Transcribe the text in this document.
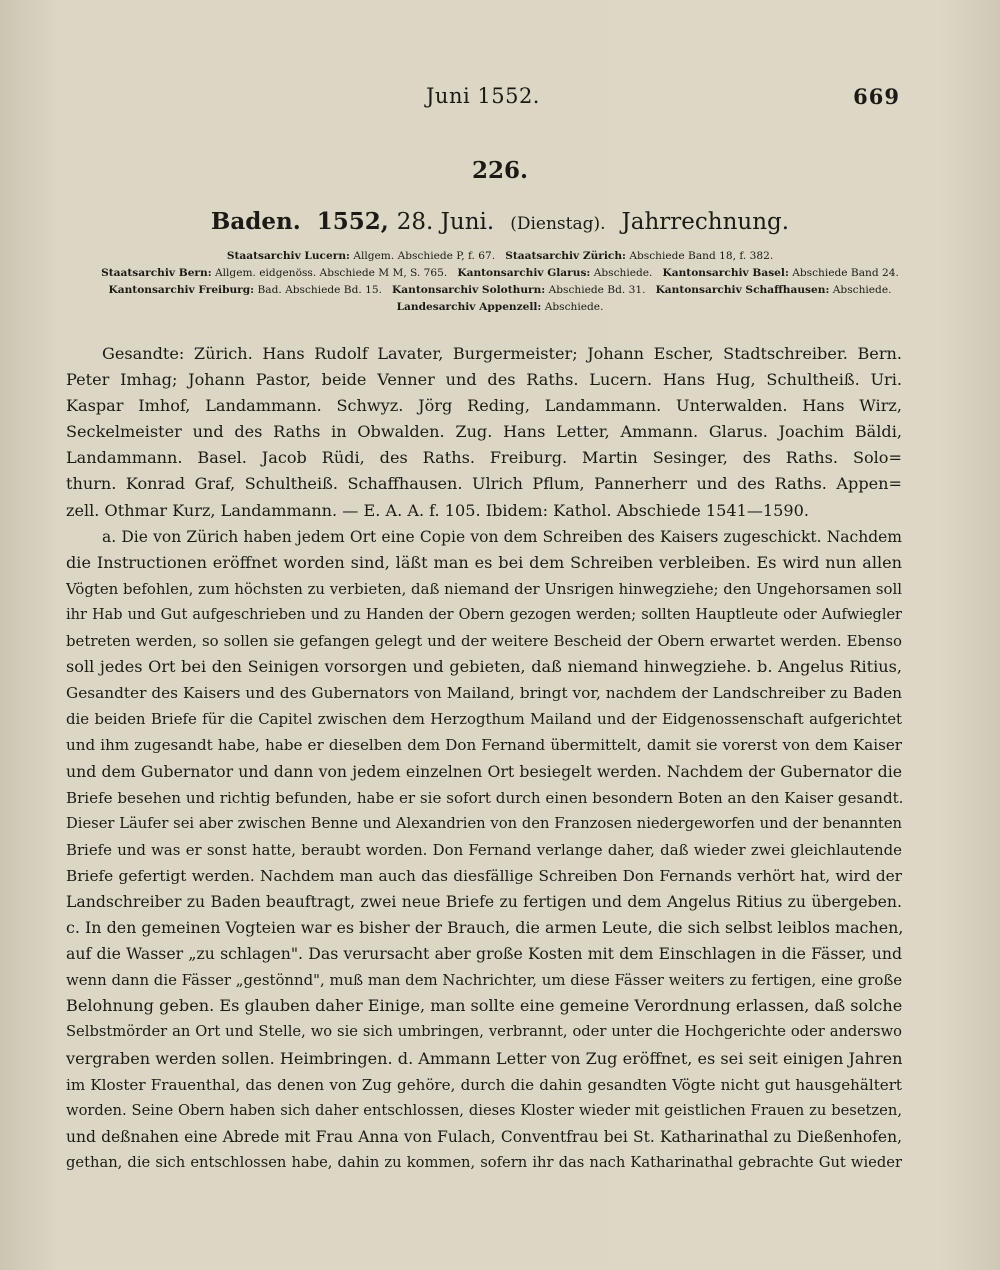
Juni 1552.	669
226.
Baden. 1552, 28. Juni. (Dienstag). Jahrrechnung.
Staatsarchiv Lucern: Allgem. Abschiede P, f. 67. Staatsarchiv Zürich: Abschiede Band 18, f. 382.
Staatsarchiv Bern: Allgem. eidgenöss. Abschiede M M, S. 765. Kantonsarchiv Glarus: Abschiede. Kantonsarchiv Basel: Abschiede Band 24.
Kantonsarchiv Freiburg: Bad. Abschiede Bd. 15. Kantonsarchiv Solothurn: Abschiede Bd. 31. Kantonsarchiv Schaffhausen: Abschiede.
Landesarchiv Appenzell: Abschiede.
Gesandte: Zürich. Hans Rudolf Lavater, Burgermeister; Johann Escher, Stadtschreiber. Bern.
Peter Imhag; Johann Pastor, beide Venner und des Raths. Lucern. Hans Hug, Schultheiß. Uri.
Kaspar Imhof, Landammann. Schwyz. Jörg Reding, Landammann. Unterwalden. Hans Wirz,
Seckelmeister und des Raths in Obwalden. Zug. Hans Letter, Ammann. Glarus. Joachim Bäldi,
Landammann. Basel. Jacob Rüdi, des Raths. Freiburg. Martin Sesinger, des Raths. Solo=
thurn. Konrad Graf, Schultheiß. Schaffhausen. Ulrich Pflum, Pannerherr und des Raths. Appen=
zell. Othmar Kurz, Landammann. — E. A. A. f. 105. Ibidem: Kathol. Abschiede 1541—1590.
a. Die von Zürich haben jedem Ort eine Copie von dem Schreiben des Kaisers zugeschickt. Nachdem
die Instructionen eröffnet worden sind, läßt man es bei dem Schreiben verbleiben. Es wird nun allen
Vögten befohlen, zum höchsten zu verbieten, daß niemand der Unsrigen hinwegziehe; den Ungehorsamen soll
ihr Hab und Gut aufgeschrieben und zu Handen der Obern gezogen werden; sollten Hauptleute oder Aufwiegler
betreten werden, so sollen sie gefangen gelegt und der weitere Bescheid der Obern erwartet werden. Ebenso
soll jedes Ort bei den Seinigen vorsorgen und gebieten, daß niemand hinwegziehe. b. Angelus Ritius,
Gesandter des Kaisers und des Gubernators von Mailand, bringt vor, nachdem der Landschreiber zu Baden
die beiden Briefe für die Capitel zwischen dem Herzogthum Mailand und der Eidgenossenschaft aufgerichtet
und ihm zugesandt habe, habe er dieselben dem Don Fernand übermittelt, damit sie vorerst von dem Kaiser
und dem Gubernator und dann von jedem einzelnen Ort besiegelt werden. Nachdem der Gubernator die
Briefe besehen und richtig befunden, habe er sie sofort durch einen besondern Boten an den Kaiser gesandt.
Dieser Läufer sei aber zwischen Benne und Alexandrien von den Franzosen niedergeworfen und der benannten
Briefe und was er sonst hatte, beraubt worden. Don Fernand verlange daher, daß wieder zwei gleichlautende
Briefe gefertigt werden. Nachdem man auch das diesfällige Schreiben Don Fernands verhört hat, wird der
Landschreiber zu Baden beauftragt, zwei neue Briefe zu fertigen und dem Angelus Ritius zu übergeben.
c. In den gemeinen Vogteien war es bisher der Brauch, die armen Leute, die sich selbst leiblos machen,
auf die Wasser „zu schlagen". Das verursacht aber große Kosten mit dem Einschlagen in die Fässer, und
wenn dann die Fässer „gestönnd", muß man dem Nachrichter, um diese Fässer weiters zu fertigen, eine große
Belohnung geben. Es glauben daher Einige, man sollte eine gemeine Verordnung erlassen, daß solche
Selbstmörder an Ort und Stelle, wo sie sich umbringen, verbrannt, oder unter die Hochgerichte oder anderswo
vergraben werden sollen. Heimbringen. d. Ammann Letter von Zug eröffnet, es sei seit einigen Jahren
im Kloster Frauenthal, das denen von Zug gehöre, durch die dahin gesandten Vögte nicht gut hausgehältert
worden. Seine Obern haben sich daher entschlossen, dieses Kloster wieder mit geistlichen Frauen zu besetzen,
und deßnahen eine Abrede mit Frau Anna von Fulach, Conventfrau bei St. Katharinathal zu Dießenhofen,
gethan, die sich entschlossen habe, dahin zu kommen, sofern ihr das nach Katharinathal gebrachte Gut wieder
